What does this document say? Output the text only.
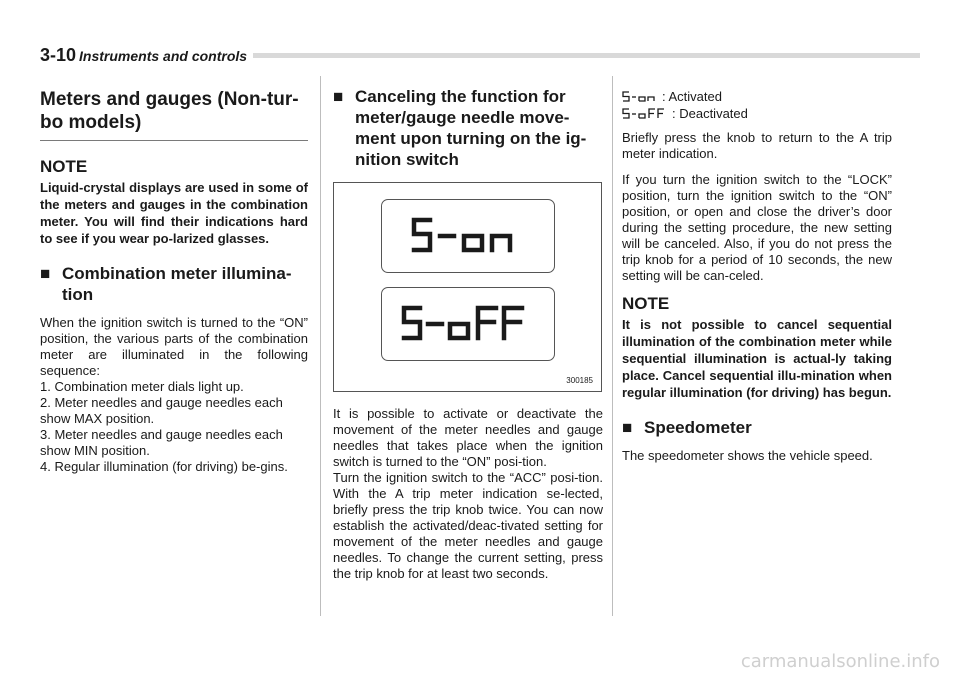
3-10 Instruments and controls
Meters and gauges (Non-tur-bo models)
NOTE

Liquid-crystal displays are used in some of the meters and gauges in the combination meter. You will find their indications hard to see if you wear po-larized glasses.

■ Combination meter illumina-tion

When the ignition switch is turned to the “ON” position, the various parts of the combination meter are illuminated in the following sequence:

1. Combination meter dials light up.
2. Meter needles and gauge needles each show MAX position.
3. Meter needles and gauge needles each show MIN position.
4. Regular illumination (for driving) be-gins.
■ Canceling the function for meter/gauge needle move-ment upon turning on the ig-nition switch
300185

It is possible to activate or deactivate the movement of the meter needles and gauge needles that takes place when the ignition switch is turned to the “ON” posi-tion.

Turn the ignition switch to the “ACC” posi-tion. With the A trip meter indication se-lected, briefly press the trip knob twice. You can now establish the activated/deac-tivated setting for movement of the meter needles and gauge needles. To change the current setting, press the trip knob for at least two seconds.

: Activated
: Deactivated

Briefly press the knob to return to the A trip meter indication.

If you turn the ignition switch to the “LOCK” position, turn the ignition switch to the “ON” position, or open and close the driver’s door during the setting procedure, the new setting will be canceled. Also, if you do not press the trip knob for a period of 10 seconds, the new setting will be can-celed.

NOTE

It is not possible to cancel sequential illumination of the combination meter while sequential illumination is actual-ly taking place. Cancel sequential illu-mination when regular illumination (for driving) has begun.

■ Speedometer

The speedometer shows the vehicle speed.

carmanualsonline.info
